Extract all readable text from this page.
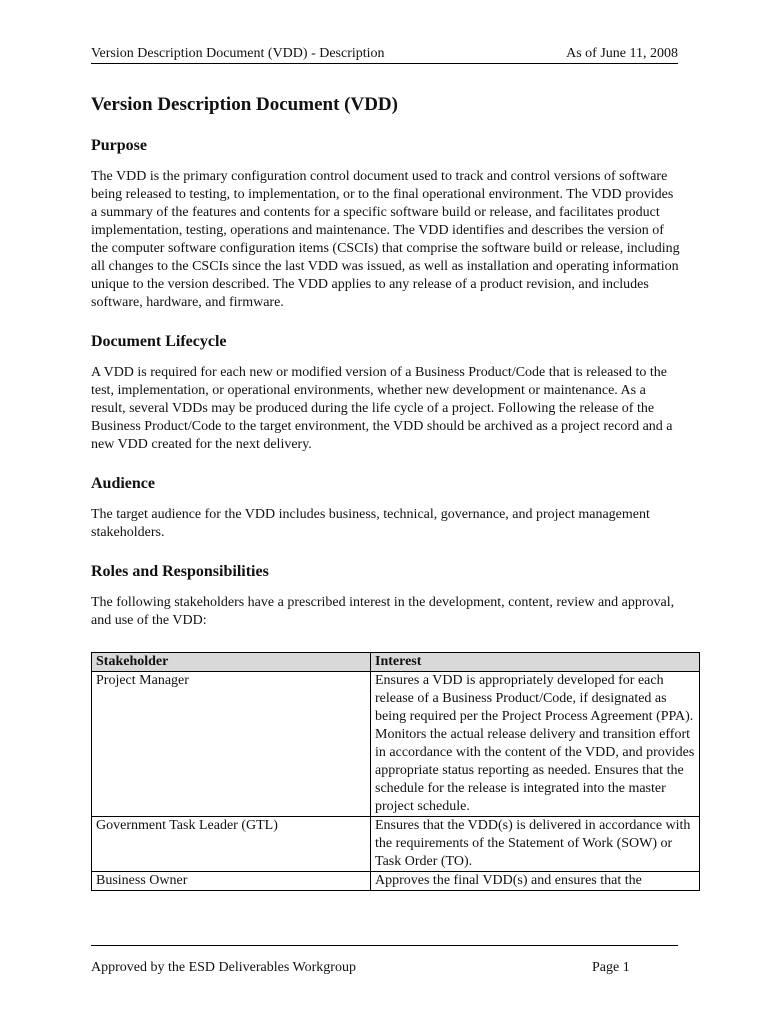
Version Description Document (VDD) - Description	As of June 11, 2008
Version Description Document (VDD)
Purpose

The VDD is the primary configuration control document used to track and control versions of software being released to testing, to implementation, or to the final operational environment. The VDD provides a summary of the features and contents for a specific software build or release, and facilitates product implementation, testing, operations and maintenance. The VDD identifies and describes the version of the computer software configuration items (CSCIs) that comprise the software build or release, including all changes to the CSCIs since the last VDD was issued, as well as installation and operating information unique to the version described. The VDD applies to any release of a product revision, and includes software, hardware, and firmware.

Document Lifecycle

A VDD is required for each new or modified version of a Business Product/Code that is released to the test, implementation, or operational environments, whether new development or maintenance. As a result, several VDDs may be produced during the life cycle of a project. Following the release of the Business Product/Code to the target environment, the VDD should be archived as a project record and a new VDD created for the next delivery.

Audience

The target audience for the VDD includes business, technical, governance, and project management stakeholders.

Roles and Responsibilities

The following stakeholders have a prescribed interest in the development, content, review and approval, and use of the VDD:

Stakeholder	Interest
Project Manager	Ensures a VDD is appropriately developed for each release of a Business Product/Code, if designated as being required per the Project Process Agreement (PPA). Monitors the actual release delivery and transition effort in accordance with the content of the VDD, and provides appropriate status reporting as needed. Ensures that the schedule for the release is integrated into the master project schedule.
Government Task Leader (GTL)	Ensures that the VDD(s) is delivered in accordance with the requirements of the Statement of Work (SOW) or Task Order (TO).
Business Owner	Approves the final VDD(s) and ensures that the
Approved by the ESD Deliverables Workgroup	Page 1
